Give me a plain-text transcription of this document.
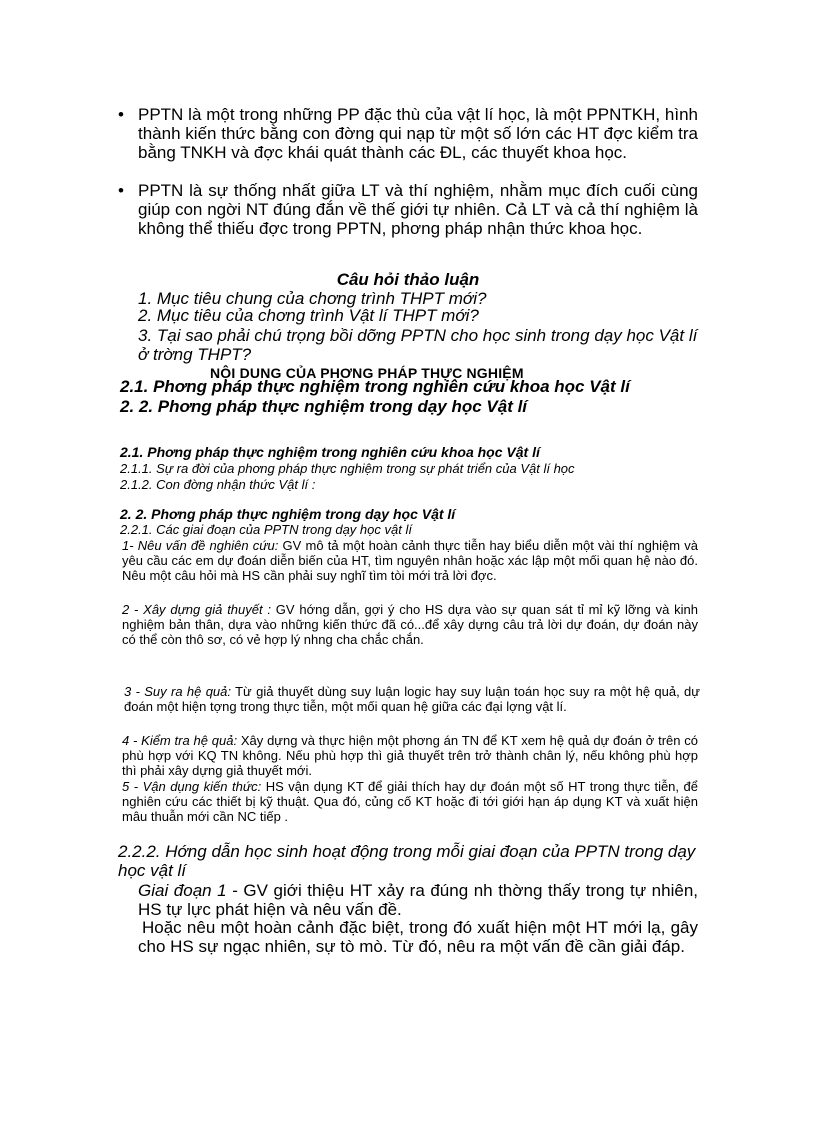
• PPTN là một trong những PP đặc thù của vật lí học, là một PPNTKH, hình thành kiến thức bằng con đờng qui nạp từ một số lớn các HT đợc kiểm tra bằng TNKH và đợc khái quát thành các ĐL, các thuyết khoa học.

• PPTN là sự thống nhất giữa LT và thí nghiệm, nhằm mục đích cuối cùng giúp con ngời NT đúng đắn về thế giới tự nhiên. Cả LT và cả thí nghiệm là không thể thiếu đợc trong PPTN, phơng pháp nhận thức khoa học.

Câu hỏi thảo luận
1. Mục tiêu chung của chơng trình THPT mới?
2. Mục tiêu của chơng trình Vật lí THPT mới?
3. Tại sao phải chú trọng bồi dỡng PPTN cho học sinh trong dạy học Vật lí ở trờng THPT?
NỘI DUNG CỦA PHƠNG PHÁP THỰC NGHIỆM
2.1. Phơng pháp thực nghiệm trong nghiên cứu khoa học Vật lí
2. 2. Phơng pháp thực nghiệm trong dạy học Vật lí
2.1. Phơng pháp thực nghiệm trong nghiên cứu khoa học Vật lí
2.1.1. Sự ra đời của phơng pháp thực nghiệm trong sự phát triển của Vật lí học
2.1.2. Con đờng nhận thức Vật lí :
2. 2. Phơng pháp thực nghiệm trong dạy học Vật lí
2.2.1. Các giai đoạn của PPTN trong dạy học vật lí
1- Nêu vấn đề nghiên cứu: GV mô tả một hoàn cảnh thực tiễn hay biểu diễn một vài thí nghiệm và yêu cầu các em dự đoán diễn biến của HT, tìm nguyên nhân hoặc xác lập một mối quan hệ nào đó. Nêu một câu hỏi mà HS cần phải suy nghĩ tìm tòi mới trả lời đợc.
2 - Xây dựng giả thuyết : GV hớng dẫn, gợi ý cho HS dựa vào sự quan sát tỉ mỉ kỹ lỡng và kinh nghiệm bản thân, dựa vào những kiến thức đã có...để xây dựng câu trả lời dự đoán, dự đoán này có thể còn thô sơ, có vẻ hợp lý nhng cha chắc chắn.
3 - Suy ra hệ quả: Từ giả thuyết dùng suy luận logic hay suy luận toán học suy ra một hệ quả, dự đoán một hiện tợng trong thực tiễn, một mối quan hệ giữa các đại lợng vật lí.
4 - Kiểm tra hệ quả: Xây dựng và thực hiện một phơng án TN để KT xem hệ quả dự đoán ở trên có phù hợp với KQ TN không. Nếu phù hợp thì giả thuyết trên trở thành chân lý, nếu không phù hợp thì phải xây dựng giả thuyết mới.
5 - Vận dụng kiến thức: HS vận dụng KT để giải thích hay dự đoán một số HT trong thực tiễn, để nghiên cứu các thiết bị kỹ thuật. Qua đó, củng cố KT hoặc đi tới giới hạn áp dụng KT và xuất hiện mâu thuẫn mới cần NC tiếp .
2.2.2. Hớng dẫn học sinh hoạt động trong mỗi giai đoạn của PPTN trong dạy học vật lí
Giai đoạn 1 - GV giới thiệu HT xảy ra đúng nh thờng thấy trong tự nhiên, HS tự lực phát hiện và nêu vấn đề.
Hoặc nêu một hoàn cảnh đặc biệt, trong đó xuất hiện một HT mới lạ, gây cho HS sự ngạc nhiên, sự tò mò. Từ đó, nêu ra một vấn đề cần giải đáp.
